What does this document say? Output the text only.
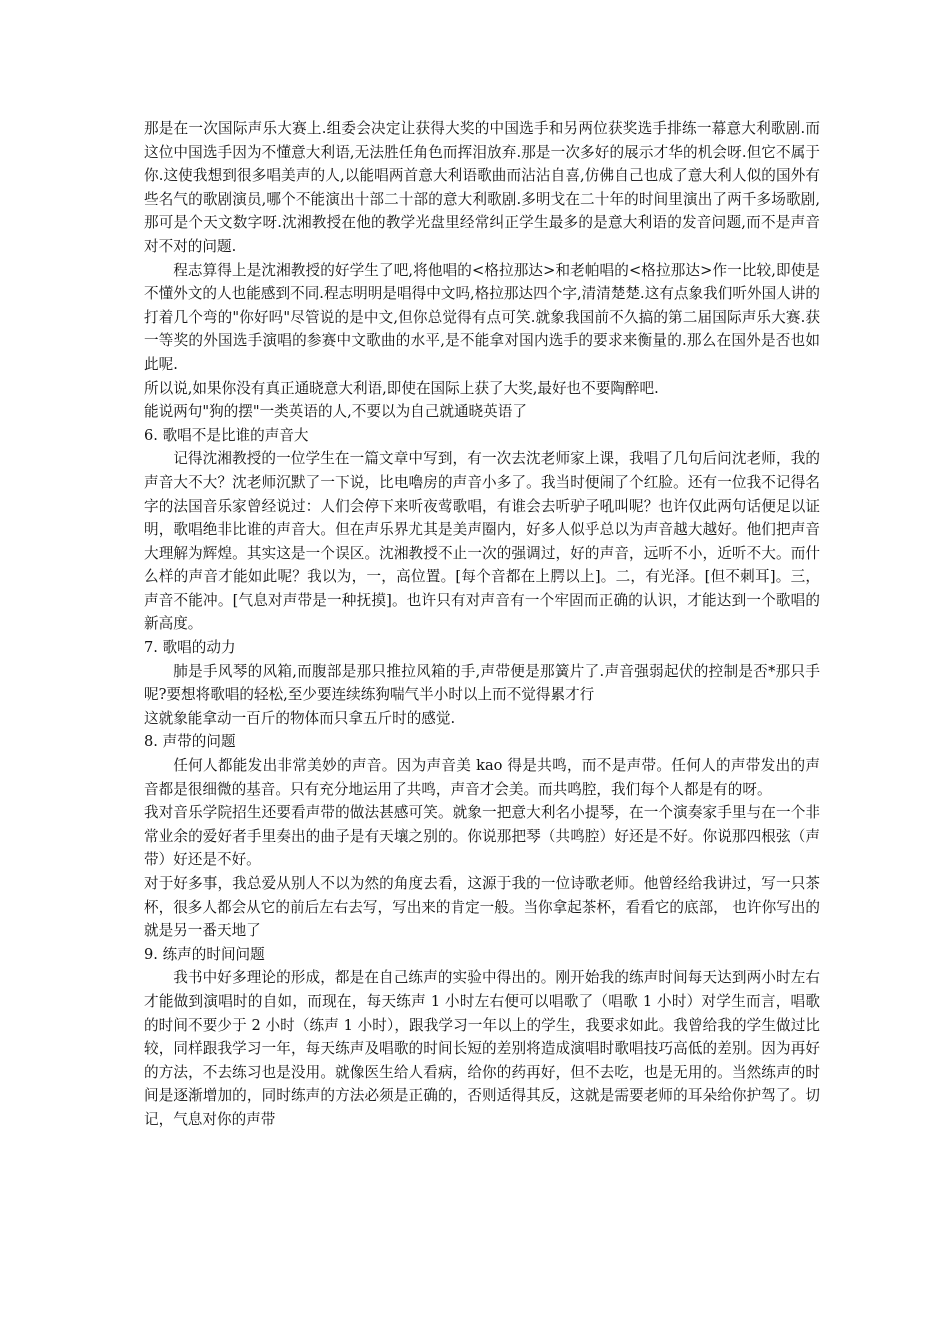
那是在一次国际声乐大赛上.组委会决定让获得大奖的中国选手和另两位获奖选手排练一幕意大利歌剧.而这位中国选手因为不懂意大利语,无法胜任角色而挥泪放弃.那是一次多好的展示才华的机会呀.但它不属于你.这使我想到很多唱美声的人,以能唱两首意大利语歌曲而沾沾自喜,仿佛自己也成了意大利人似的国外有些名气的歌剧演员,哪个不能演出十部二十部的意大利歌剧.多明戈在二十年的时间里演出了两千多场歌剧,那可是个天文数字呀.沈湘教授在他的教学光盘里经常纠正学生最多的是意大利语的发音问题,而不是声音对不对的问题.

程志算得上是沈湘教授的好学生了吧,将他唱的<格拉那达>和老帕唱的<格拉那达>作一比较,即使是不懂外文的人也能感到不同.程志明明是唱得中文吗,格拉那达四个字,清清楚楚.这有点象我们听外国人讲的打着几个弯的"你好吗"尽管说的是中文,但你总觉得有点可笑.就象我国前不久搞的第二届国际声乐大赛.获一等奖的外国选手演唱的参赛中文歌曲的水平,是不能拿对国内选手的要求来衡量的.那么在国外是否也如此呢.

所以说,如果你没有真正通晓意大利语,即使在国际上获了大奖,最好也不要陶醉吧.

能说两句"狗的摆"一类英语的人,不要以为自己就通晓英语了

6. 歌唱不是比谁的声音大

记得沈湘教授的一位学生在一篇文章中写到，有一次去沈老师家上课，我唱了几句后问沈老师，我的声音大不大？沈老师沉默了一下说，比电嚕房的声音小多了。我当时便闹了个红脸。还有一位我不记得名字的法国音乐家曾经说过：人们会停下来听夜莺歌唱，有谁会去听驴子吼叫呢？也许仅此两句话便足以证明，歌唱绝非比谁的声音大。但在声乐界尤其是美声圈内，好多人似乎总以为声音越大越好。他们把声音大理解为辉煌。其实这是一个误区。沈湘教授不止一次的强调过，好的声音，远听不小，近听不大。而什么样的声音才能如此呢？我以为，一，高位置。[每个音都在上腭以上]。二，有光泽。[但不刺耳]。三，声音不能冲。[气息对声带是一种抚摸]。也许只有对声音有一个牢固而正确的认识，才能达到一个歌唱的新高度。

7. 歌唱的动力

肺是手风琴的风箱,而腹部是那只推拉风箱的手,声带便是那簧片了.声音强弱起伏的控制是否*那只手呢?要想将歌唱的轻松,至少要连续练狗喘气半小时以上而不觉得累才行

这就象能拿动一百斤的物体而只拿五斤时的感觉.

8. 声带的问题

任何人都能发出非常美妙的声音。因为声音美 kao 得是共鸣，而不是声带。任何人的声带发出的声音都是很细微的基音。只有充分地运用了共鸣，声音才会美。而共鸣腔，我们每个人都是有的呀。

我对音乐学院招生还要看声带的做法甚感可笑。就象一把意大利名小提琴，在一个演奏家手里与在一个非常业余的爱好者手里奏出的曲子是有天壤之别的。你说那把琴（共鸣腔）好还是不好。你说那四根弦（声带）好还是不好。

对于好多事，我总爱从别人不以为然的角度去看，这源于我的一位诗歌老师。他曾经给我讲过，写一只茶杯，很多人都会从它的前后左右去写，写出来的肯定一般。当你拿起茶杯，看看它的底部， 也许你写出的就是另一番天地了

9. 练声的时间问题

我书中好多理论的形成，都是在自己练声的实验中得出的。刚开始我的练声时间每天达到两小时左右才能做到演唱时的自如，而现在，每天练声 1 小时左右便可以唱歌了（唱歌 1 小时）对学生而言，唱歌的时间不要少于 2 小时（练声 1 小时），跟我学习一年以上的学生，我要求如此。我曾给我的学生做过比较，同样跟我学习一年，每天练声及唱歌的时间长短的差别将造成演唱时歌唱技巧高低的差别。因为再好的方法，不去练习也是没用。就像医生给人看病，给你的药再好，但不去吃，也是无用的。当然练声的时间是逐渐增加的，同时练声的方法必须是正确的，否则适得其反，这就是需要老师的耳朵给你护驾了。切记，气息对你的声带
